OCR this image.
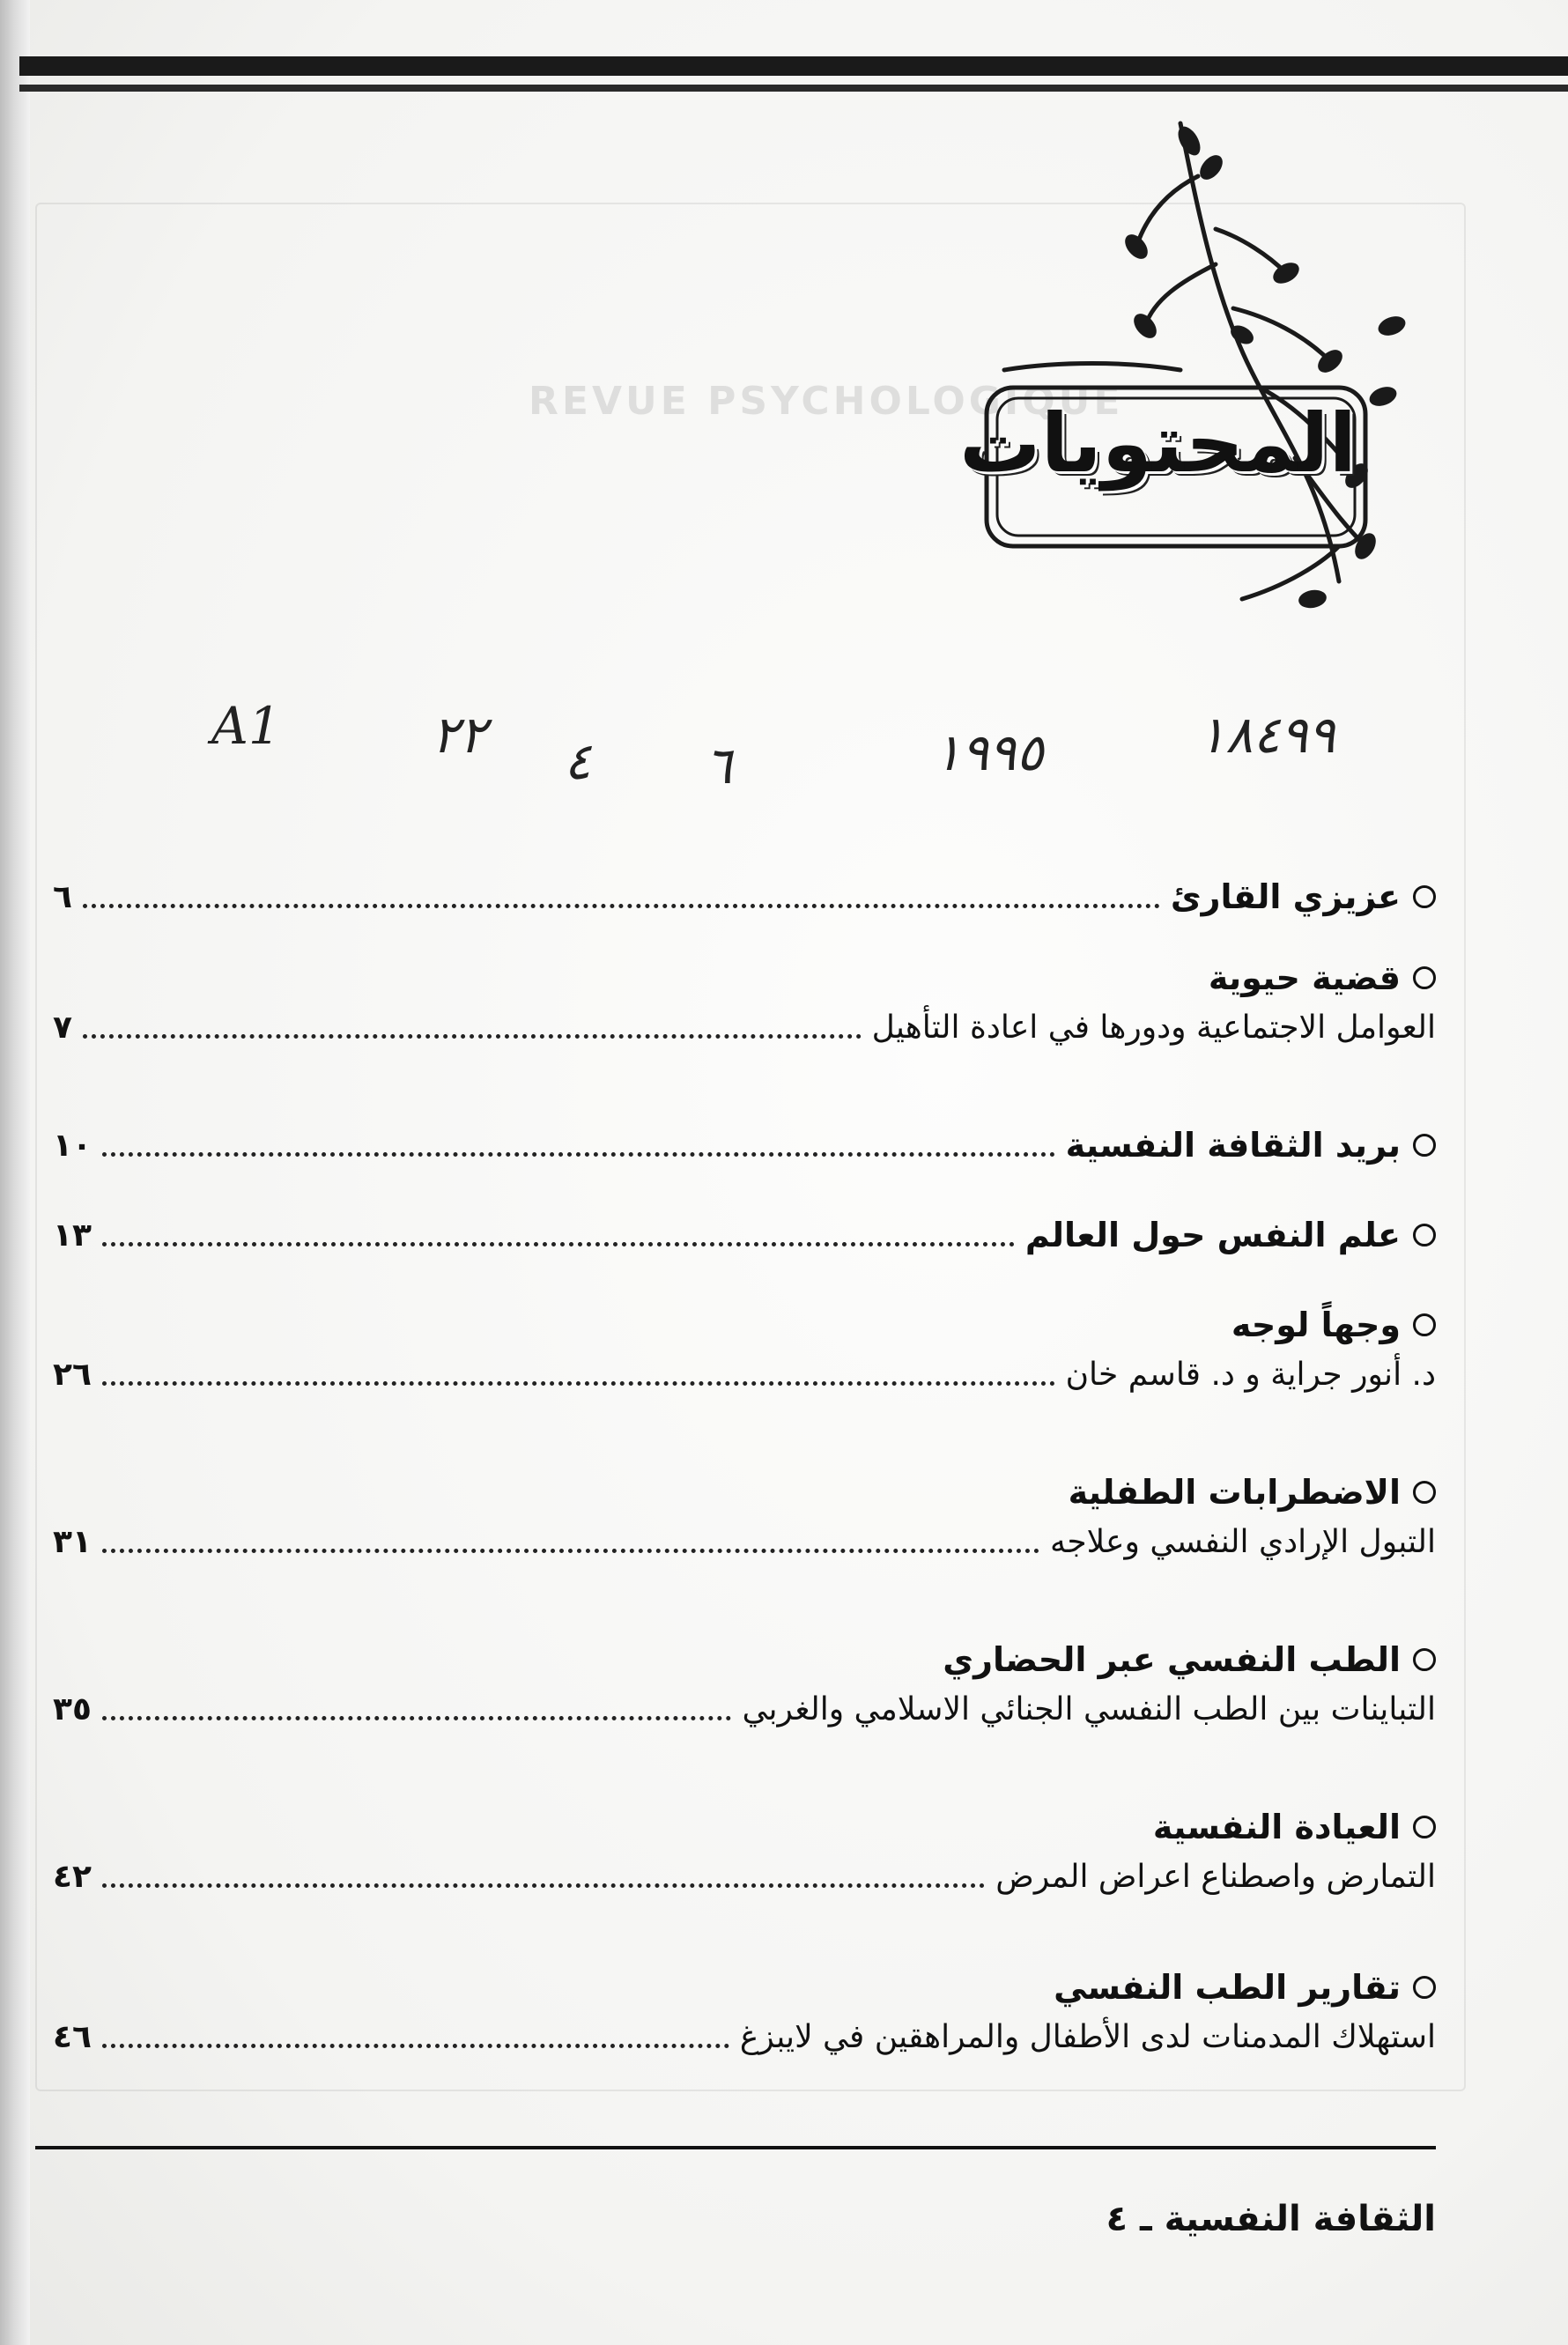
REVUE PSYCHOLOGIQUE
المحتويات
A1	٢٢ ٤ ٦	١٩٩٥	١٨٤٩٩
عزيزي القارئ
٦
قضية حيوية
العوامل الاجتماعية ودورها في اعادة التأهيل
٧
بريد الثقافة النفسية
١٠
علم النفس حول العالم
١٣
وجهاً لوجه
د. أنور جراية و د. قاسم خان
٢٦
الاضطرابات الطفلية
التبول الإرادي النفسي وعلاجه
٣١
الطب النفسي عبر الحضاري
التباينات بين الطب النفسي الجنائي الاسلامي والغربي
٣٥
العيادة النفسية
التمارض واصطناع اعراض المرض
٤٢
تقارير الطب النفسي
استهلاك المدمنات لدى الأطفال والمراهقين في لايبزغ
٤٦
الثقافة النفسية ـ ٤
